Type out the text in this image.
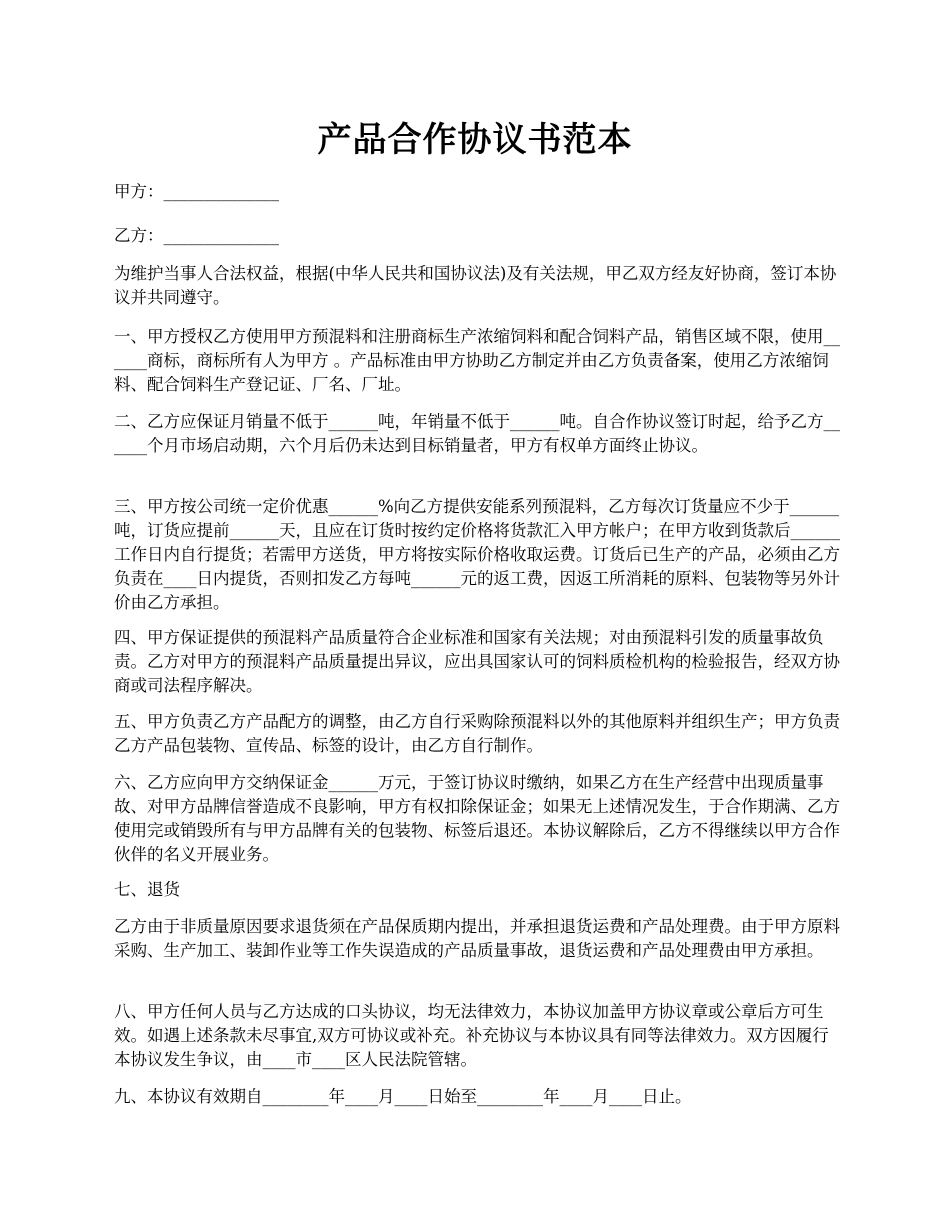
产品合作协议书范本

甲方：______________

乙方：______________

为维护当事人合法权益，根据(中华人民共和国协议法)及有关法规，甲乙双方经友好协商，签订本协议并共同遵守。

一、甲方授权乙方使用甲方预混料和注册商标生产浓缩饲料和配合饲料产品，销售区域不限，使用______商标，商标所有人为甲方 。产品标准由甲方协助乙方制定并由乙方负责备案，使用乙方浓缩饲料、配合饲料生产登记证、厂名、厂址。

二、乙方应保证月销量不低于______吨，年销量不低于______吨。自合作协议签订时起，给予乙方______个月市场启动期，六个月后仍未达到目标销量者，甲方有权单方面终止协议。

三、甲方按公司统一定价优惠______%向乙方提供安能系列预混料，乙方每次订货量应不少于______吨，订货应提前______天，且应在订货时按约定价格将货款汇入甲方帐户；在甲方收到货款后______工作日内自行提货；若需甲方送货，甲方将按实际价格收取运费。订货后已生产的产品，必须由乙方负责在____日内提货，否则扣发乙方每吨______元的返工费，因返工所消耗的原料、包装物等另外计价由乙方承担。

四、甲方保证提供的预混料产品质量符合企业标准和国家有关法规；对由预混料引发的质量事故负责。乙方对甲方的预混料产品质量提出异议，应出具国家认可的饲料质检机构的检验报告，经双方协商或司法程序解决。

五、甲方负责乙方产品配方的调整，由乙方自行采购除预混料以外的其他原料并组织生产；甲方负责乙方产品包装物、宣传品、标签的设计，由乙方自行制作。

六、乙方应向甲方交纳保证金______万元，于签订协议时缴纳，如果乙方在生产经营中出现质量事故、对甲方品牌信誉造成不良影响，甲方有权扣除保证金；如果无上述情况发生，于合作期满、乙方使用完或销毁所有与甲方品牌有关的包装物、标签后退还。本协议解除后，乙方不得继续以甲方合作伙伴的名义开展业务。

七、退货

乙方由于非质量原因要求退货须在产品保质期内提出，并承担退货运费和产品处理费。由于甲方原料采购、生产加工、装卸作业等工作失误造成的产品质量事故，退货运费和产品处理费由甲方承担。

八、甲方任何人员与乙方达成的口头协议，均无法律效力，本协议加盖甲方协议章或公章后方可生效。如遇上述条款未尽事宜,双方可协议或补充。补充协议与本协议具有同等法律效力。双方因履行本协议发生争议，由____市____区人民法院管辖。

九、本协议有效期自________年____月____日始至________年____月____日止。
